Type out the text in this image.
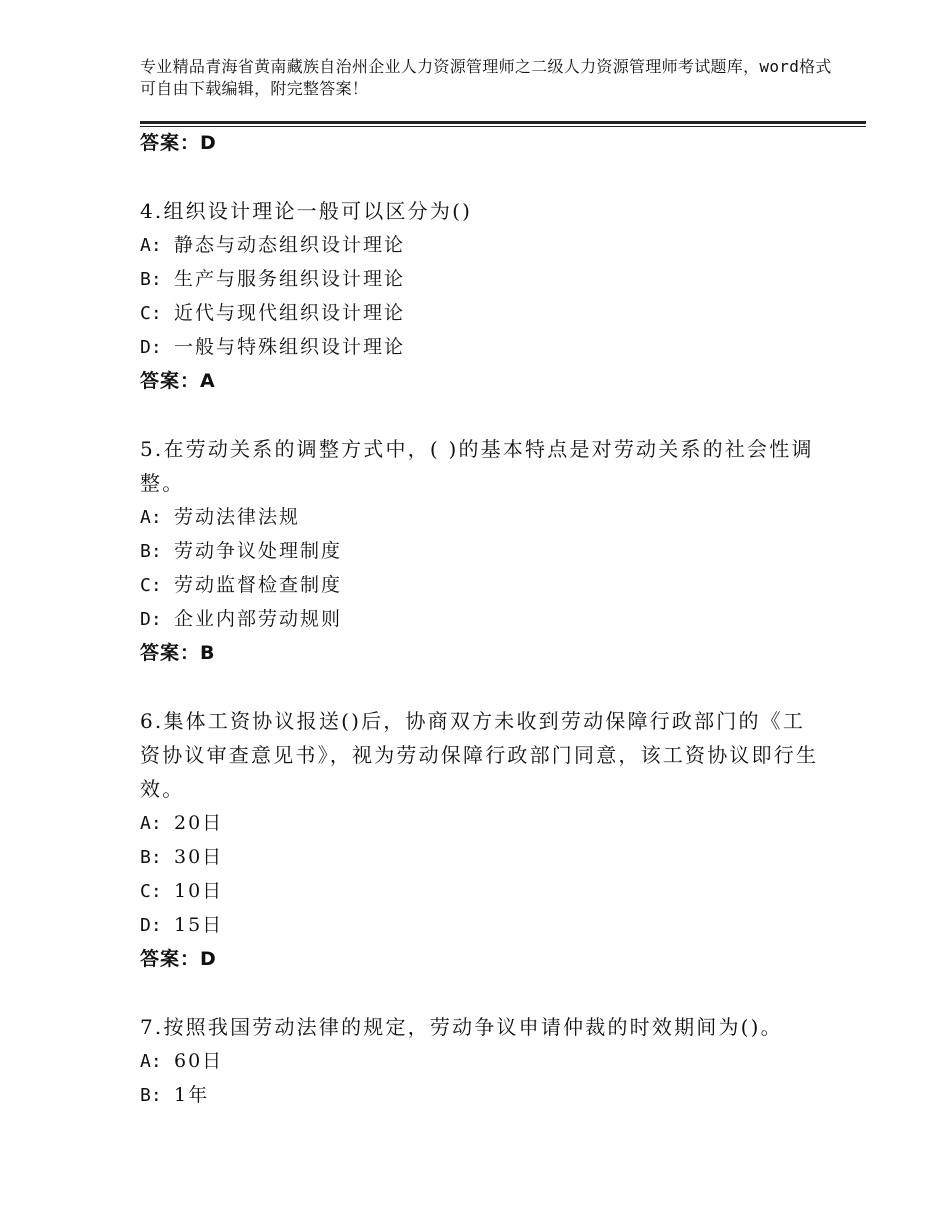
专业精品青海省黄南藏族自治州企业人力资源管理师之二级人力资源管理师考试题库，word格式可自由下载编辑，附完整答案！
答案：D
4.组织设计理论一般可以区分为()
A: 静态与动态组织设计理论
B: 生产与服务组织设计理论
C: 近代与现代组织设计理论
D: 一般与特殊组织设计理论
答案：A
5.在劳动关系的调整方式中，( )的基本特点是对劳动关系的社会性调整。
A: 劳动法律法规
B: 劳动争议处理制度
C: 劳动监督检查制度
D: 企业内部劳动规则
答案：B
6.集体工资协议报送()后，协商双方未收到劳动保障行政部门的《工资协议审查意见书》，视为劳动保障行政部门同意，该工资协议即行生效。
A: 20日
B: 30日
C: 10日
D: 15日
答案：D
7.按照我国劳动法律的规定，劳动争议申请仲裁的时效期间为()。
A: 60日
B: 1年
